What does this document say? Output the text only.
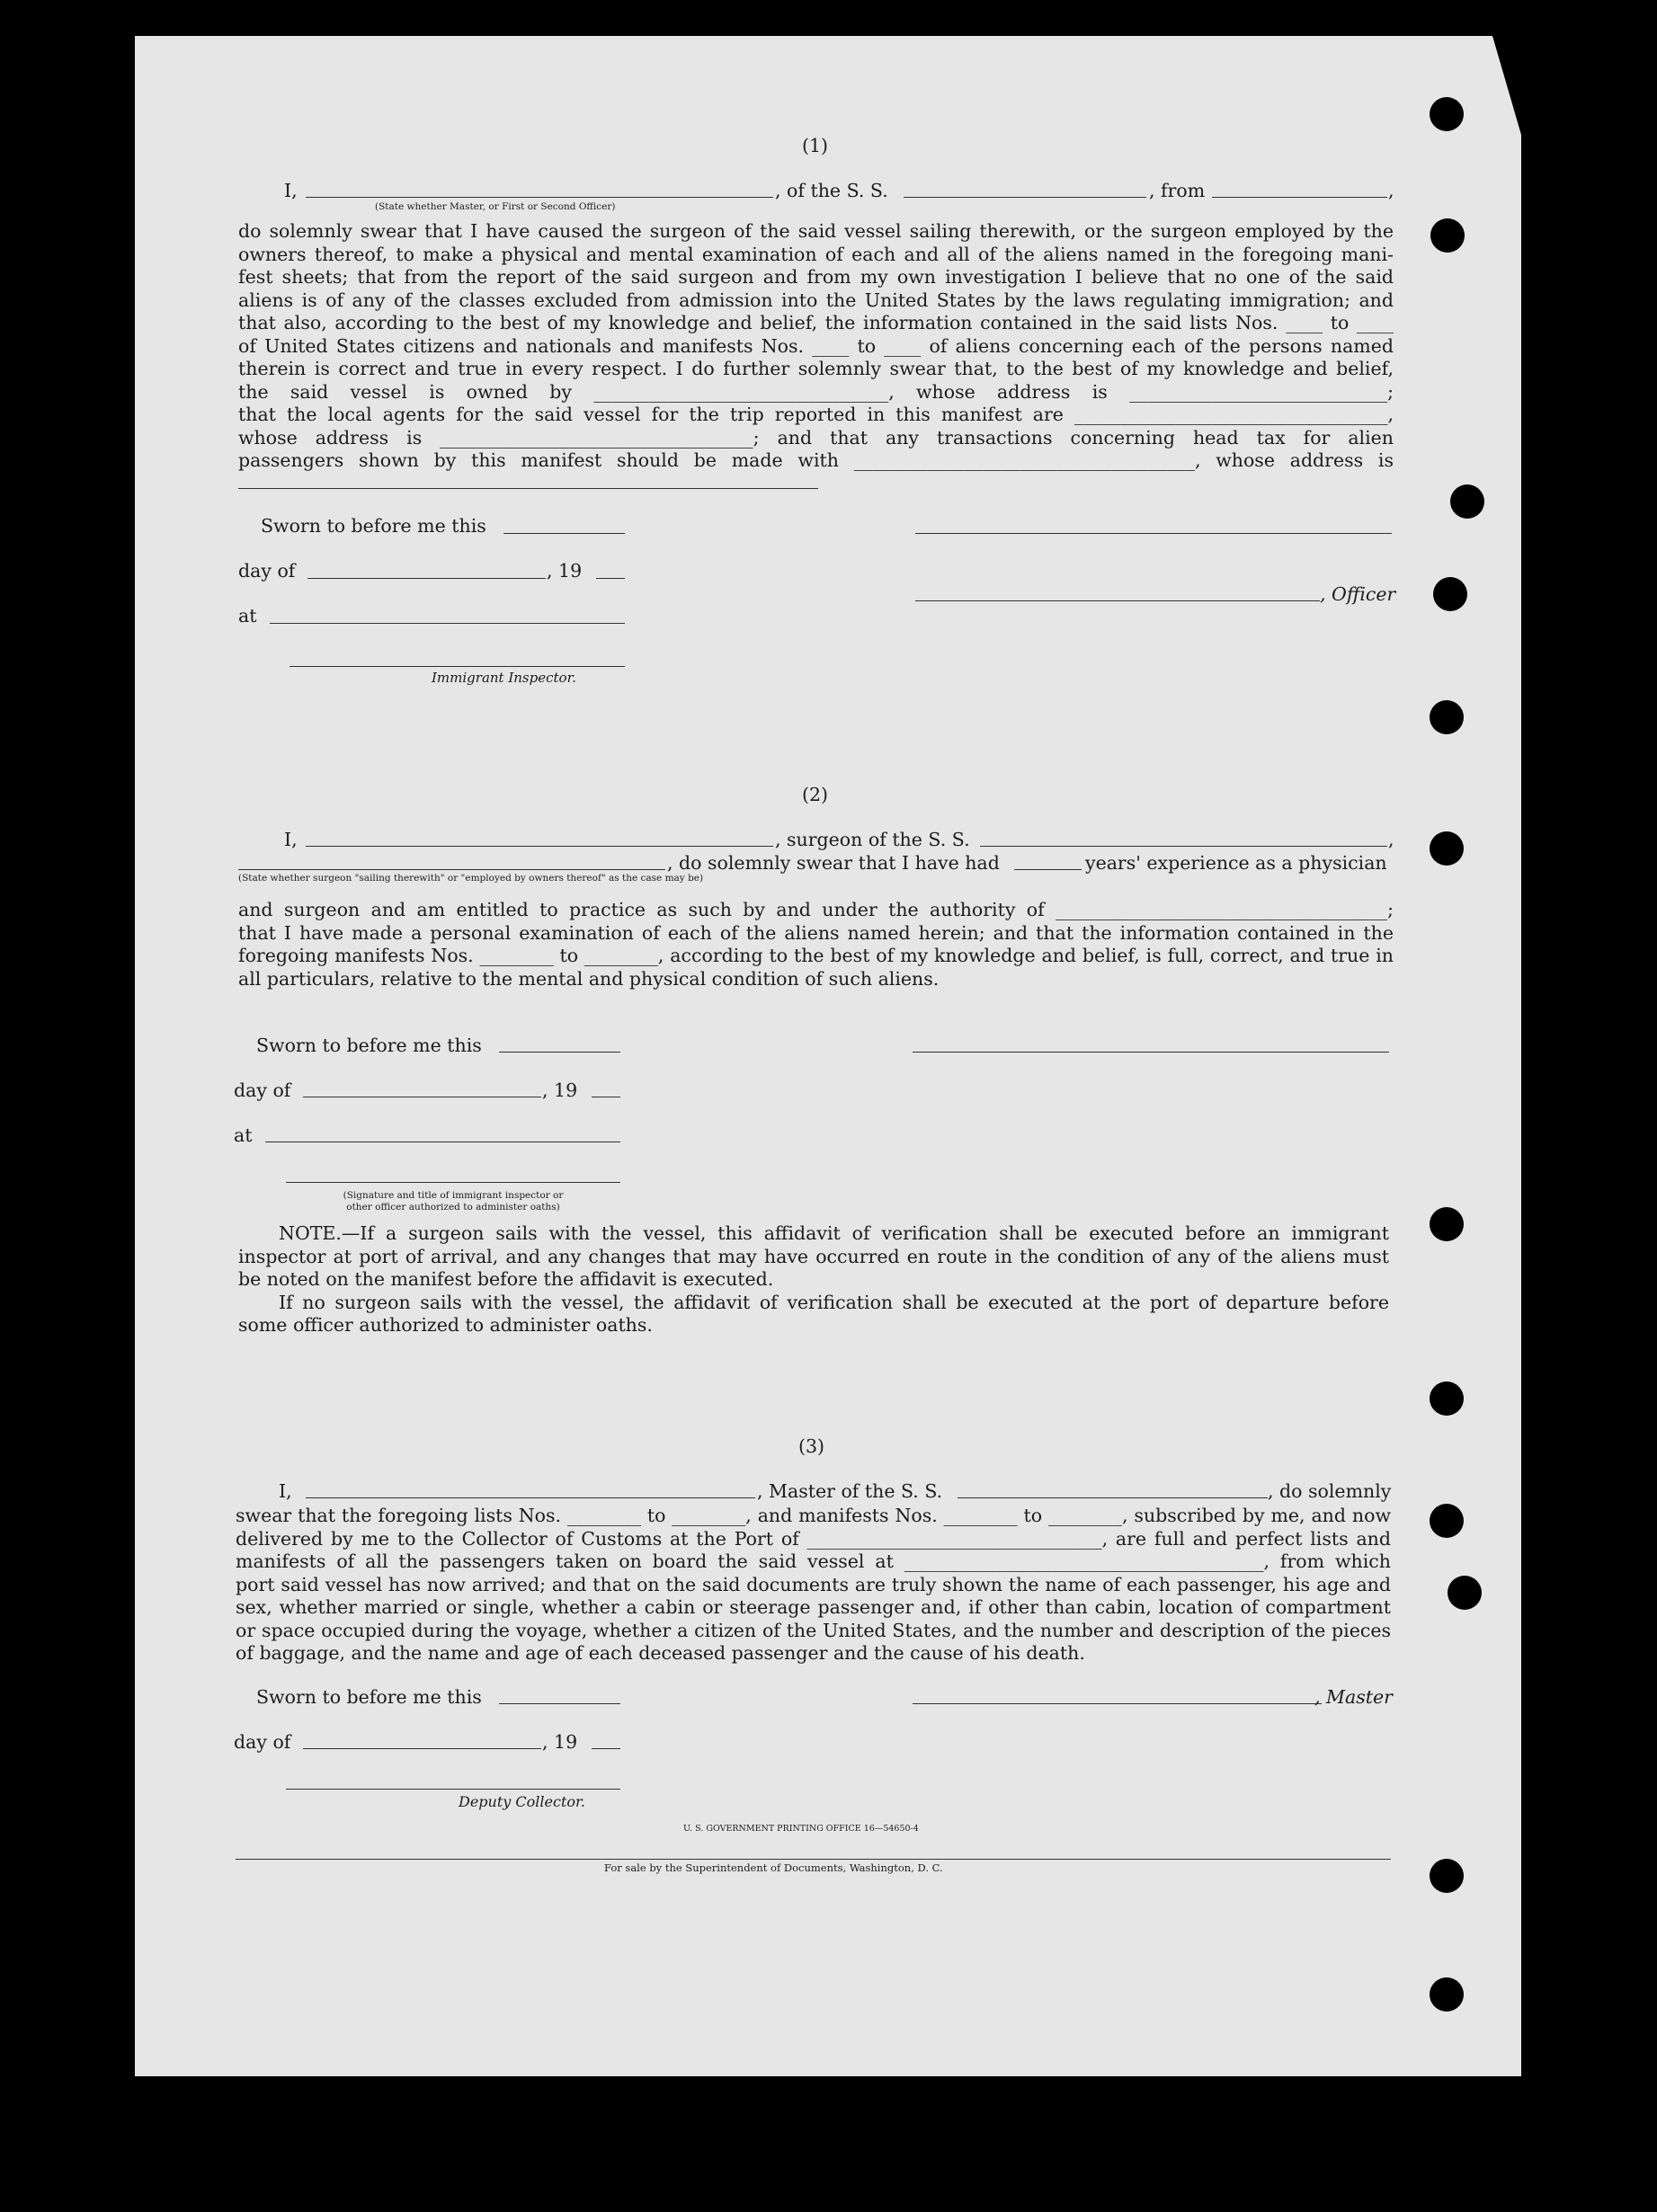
(1)
I,	, of the S. S.	, from	,
(State whether Master, or First or Second Officer)
do solemnly swear that I have caused the surgeon of the said vessel sailing therewith, or the surgeon employed by the
owners thereof, to make a physical and mental examination of each and all of the aliens named in the foregoing mani-
fest sheets; that from the report of the said surgeon and from my own investigation I believe that no one of the said
aliens is of any of the classes excluded from admission into the United States by the laws regulating immigration; and
that also, according to the best of my knowledge and belief, the information contained in the said lists Nos. ____ to ____
of United States citizens and nationals and manifests Nos. ____ to ____ of aliens concerning each of the persons named
therein is correct and true in every respect. I do further solemnly swear that, to the best of my knowledge and belief,
the said vessel is owned by ________________________________, whose address is ____________________________;
that the local agents for the said vessel for the trip reported in this manifest are __________________________________,
whose address is __________________________________; and that any transactions concerning head tax for alien
passengers shown by this manifest should be made with _____________________________________, whose address is
Sworn to before me this
day of	, 19
, Officer
at
Immigrant Inspector.
(2)
I,	, surgeon of the S. S.	,
, do solemnly swear that I have had	years' experience as a physician
(State whether surgeon "sailing therewith" or "employed by owners thereof" as the case may be)
and surgeon and am entitled to practice as such by and under the authority of ____________________________________;
that I have made a personal examination of each of the aliens named herein; and that the information contained in the
foregoing manifests Nos. ________ to ________, according to the best of my knowledge and belief, is full, correct, and true in
all particulars, relative to the mental and physical condition of such aliens.
Sworn to before me this
day of	, 19
at
(Signature and title of immigrant inspector or
other officer authorized to administer oaths)
NOTE.—If a surgeon sails with the vessel, this affidavit of verification shall be executed before an immigrant
inspector at port of arrival, and any changes that may have occurred en route in the condition of any of the aliens must
be noted on the manifest before the affidavit is executed.
If no surgeon sails with the vessel, the affidavit of verification shall be executed at the port of departure before
some officer authorized to administer oaths.
(3)
I,	, Master of the S. S.	, do solemnly
swear that the foregoing lists Nos. ________ to ________, and manifests Nos. ________ to ________, subscribed by me, and now
delivered by me to the Collector of Customs at the Port of ________________________________, are full and perfect lists and
manifests of all the passengers taken on board the said vessel at _______________________________________, from which
port said vessel has now arrived; and that on the said documents are truly shown the name of each passenger, his age and
sex, whether married or single, whether a cabin or steerage passenger and, if other than cabin, location of compartment
or space occupied during the voyage, whether a citizen of the United States, and the number and description of the pieces
of baggage, and the name and age of each deceased passenger and the cause of his death.
Sworn to before me this	, Master
day of	, 19
Deputy Collector.
U. S. GOVERNMENT PRINTING OFFICE 16—54650-4
For sale by the Superintendent of Documents, Washington, D. C.
